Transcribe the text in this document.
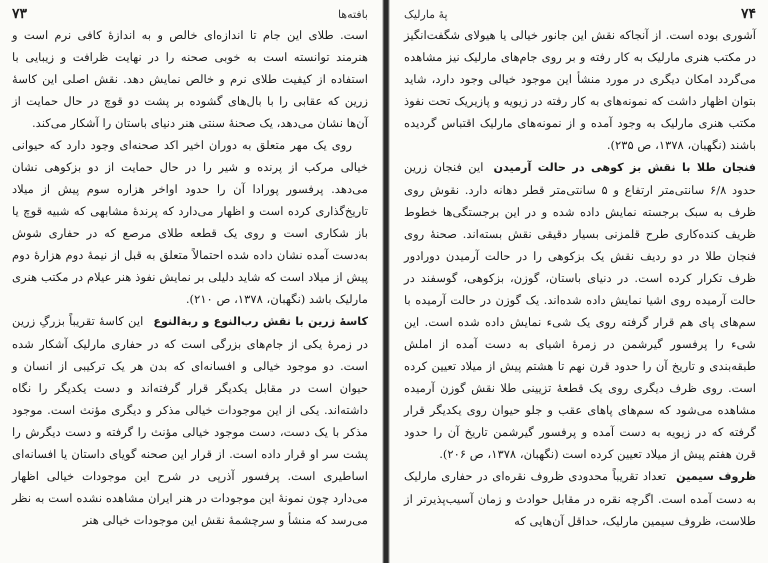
۷۴
پهٔ مارلیک

آشوری بوده است. از آنجاکه نقش این جانور خیالی یا هیولای شگفت‌انگیز در مکتب هنری مارلیک به کار رفته و بر روی جام‌های مارلیک نیز مشاهده می‌گردد امکان دیگری در مورد منشأ این موجود خیالی وجود دارد، شاید بتوان اظهار داشت که نمونه‌های به کار رفته در زیویه و پازیریک تحت نفوذ مکتب هنری مارلیک به وجود آمده و از نمونه‌های مارلیک اقتباس گردیده باشند (نگهبان، ۱۳۷۸، ص ۲۳۵).

فنجان طلا با نقش بز کوهی در حالت آرمیدناین فنجان زرین حدود ۶/۸ سانتی‌متر ارتفاع و ۵ سانتی‌متر قطر دهانه دارد. نقوش روی ظرف به سبک برجسته نمایش داده شده و در این برجستگی‌ها خطوط ظریف کنده‌کاری طرح قلمزنی بسیار دقیقی نقش بسته‌اند. صحنهٔ روی فنجان طلا در دو ردیف نقش یک بزکوهی را در حالت آرمیدن دورادور ظرف تکرار کرده است. در دنیای باستان، گوزن، بزکوهی، گوسفند در حالت آرمیده روی اشیا نمایش داده شده‌اند. یک گوزن در حالت آرمیده با سم‌های پای هم قرار گرفته روی یک شیء نمایش داده شده است. این شیء را پرفسور گیرشمن در زمرهٔ اشیای به دست آمده از املش طبقه‌بندی و تاریخ آن را حدود قرن نهم تا هشتم پیش از میلاد تعیین کرده است. روی ظرف دیگری روی یک قطعهٔ تزیینی طلا نقش گوزن آرمیده مشاهده می‌شود که سم‌های پاهای عقب و جلو حیوان روی یکدیگر قرار گرفته که در زیویه به دست آمده و پرفسور گیرشمن تاریخ آن را حدود قرن هفتم پیش از میلاد تعیین کرده است (نگهبان، ۱۳۷۸، ص ۲۰۶).

ظروف سیمینتعداد تقریباً محدودی ظروف نقره‌ای در حفاری مارلیک به دست آمده است. اگرچه نقره در مقابل حوادث و زمان آسیب‌پذیرتر از طلاست، ظروف سیمین مارلیک، حداقل آن‌هایی که

بافته‌ها
۷۳

است. طلای این جام تا اندازه‌ای خالص و به اندازهٔ کافی نرم است و هنرمند توانسته است به خوبی صحنه را در نهایت ظرافت و زیبایی با استفاده از کیفیت طلای نرم و خالص نمایش دهد. نقش اصلی این کاسهٔ زرین که عقابی را با بال‌های گشوده بر پشت دو قوچ در حال حمایت از آن‌ها نشان می‌دهد، یک صحنهٔ سنتی هنر دنیای باستان را آشکار می‌کند.

روی یک مهر متعلق به دوران اخیر اکد صحنه‌ای وجود دارد که حیوانی خیالی مرکب از پرنده و شیر را در حال حمایت از دو بزکوهی نشان می‌دهد. پرفسور پورادا آن را حدود اواخر هزاره سوم پیش از میلاد تاریخ‌گذاری کرده است و اظهار می‌دارد که پرندهٔ مشابهی که شبیه قوچ یا باز شکاری است و روی یک قطعه طلای مرصع که در حفاری شوش به‌دست آمده نشان داده شده احتمالاً متعلق به قبل از نیمهٔ دوم هزارهٔ دوم پیش از میلاد است که شاید دلیلی بر نمایش نفوذ هنر عیلام در مکتب هنری مارلیک باشد (نگهبان، ۱۳۷۸، ص ۲۱۰).

کاسهٔ زرین با نقش رب‌النوع و ربة‌النوعاین کاسهٔ تقریباً بزرگِ زرین در زمرهٔ یکی از جام‌های بزرگی است که در حفاری مارلیک آشکار شده است. دو موجود خیالی و افسانه‌ای که بدن هر یک ترکیبی از انسان و حیوان است در مقابل یکدیگر قرار گرفته‌اند و دست یکدیگر را نگاه داشته‌اند. یکی از این موجودات خیالی مذکر و دیگری مؤنث است. موجود مذکر با یک دست، دست موجود خیالی مؤنث را گرفته و دست دیگرش را پشت سر او قرار داده است. از قرار این صحنه گویای داستان یا افسانه‌ای اساطیری است. پرفسور آذرپی در شرح این موجودات خیالی اظهار می‌دارد چون نمونهٔ این موجودات در هنر ایران مشاهده نشده است به نظر می‌رسد که منشأ و سرچشمهٔ نقش این موجودات خیالی هنر
